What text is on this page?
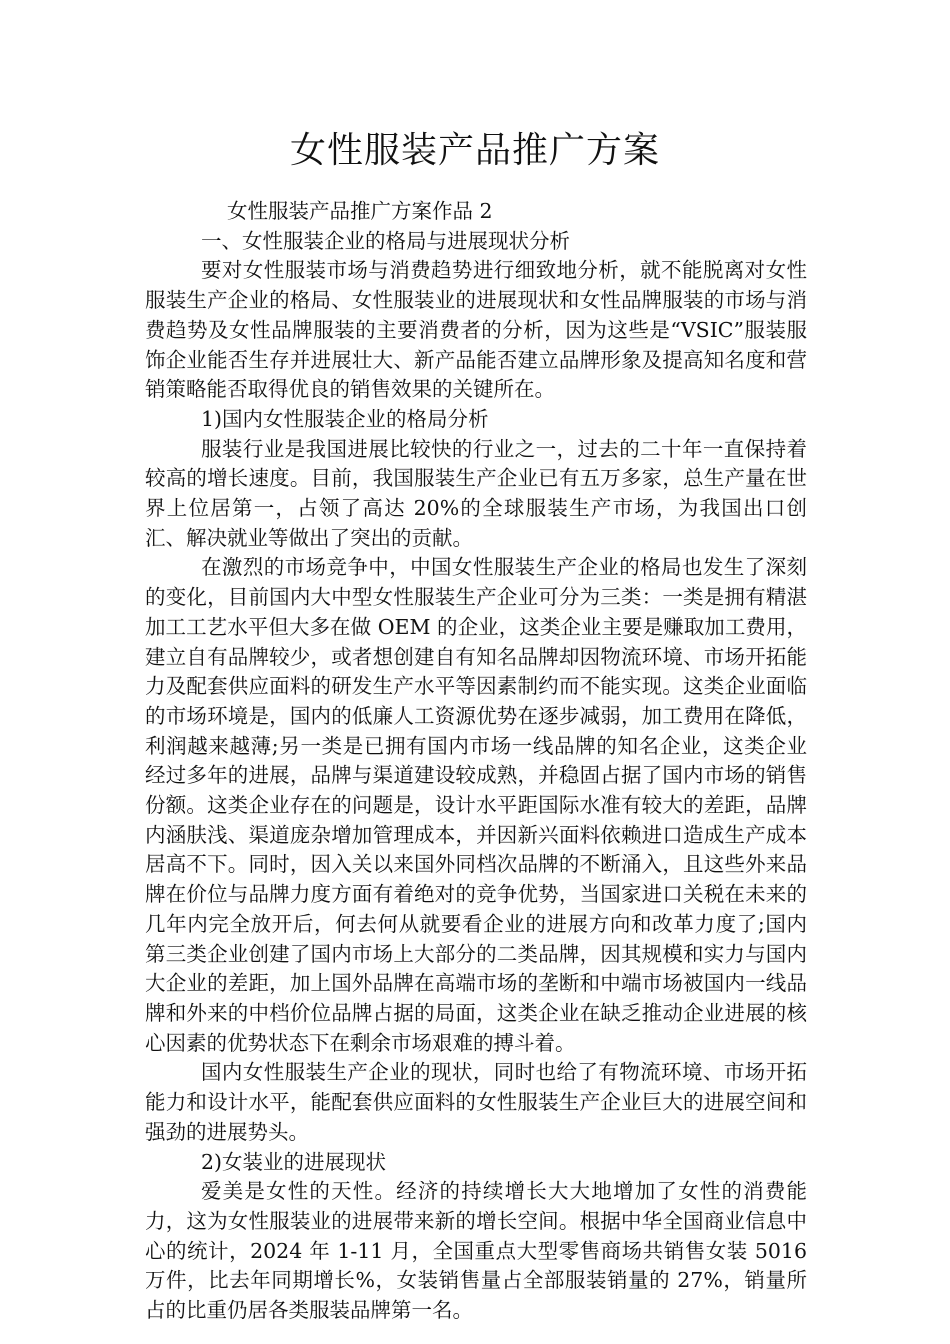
女性服装产品推广方案

女性服装产品推广方案作品 2

一、女性服装企业的格局与进展现状分析

要对女性服装市场与消费趋势进行细致地分析，就不能脱离对女性服装生产企业的格局、女性服装业的进展现状和女性品牌服装的市场与消费趋势及女性品牌服装的主要消费者的分析，因为这些是“VSIC”服装服饰企业能否生存并进展壮大、新产品能否建立品牌形象及提高知名度和营销策略能否取得优良的销售效果的关键所在。

1)国内女性服装企业的格局分析

服装行业是我国进展比较快的行业之一，过去的二十年一直保持着较高的增长速度。目前，我国服装生产企业已有五万多家，总生产量在世界上位居第一，占领了高达 20%的全球服装生产市场，为我国出口创汇、解决就业等做出了突出的贡献。

在激烈的市场竞争中，中国女性服装生产企业的格局也发生了深刻的变化，目前国内大中型女性服装生产企业可分为三类：一类是拥有精湛加工工艺水平但大多在做 OEM 的企业，这类企业主要是赚取加工费用，建立自有品牌较少，或者想创建自有知名品牌却因物流环境、市场开拓能力及配套供应面料的研发生产水平等因素制约而不能实现。这类企业面临的市场环境是，国内的低廉人工资源优势在逐步减弱，加工费用在降低，利润越来越薄;另一类是已拥有国内市场一线品牌的知名企业，这类企业经过多年的进展，品牌与渠道建设较成熟，并稳固占据了国内市场的销售份额。这类企业存在的问题是，设计水平距国际水准有较大的差距，品牌内涵肤浅、渠道庞杂增加管理成本，并因新兴面料依赖进口造成生产成本居高不下。同时，因入关以来国外同档次品牌的不断涌入，且这些外来品牌在价位与品牌力度方面有着绝对的竞争优势，当国家进口关税在未来的几年内完全放开后，何去何从就要看企业的进展方向和改革力度了;国内第三类企业创建了国内市场上大部分的二类品牌，因其规模和实力与国内大企业的差距，加上国外品牌在高端市场的垄断和中端市场被国内一线品牌和外来的中档价位品牌占据的局面，这类企业在缺乏推动企业进展的核心因素的优势状态下在剩余市场艰难的搏斗着。

国内女性服装生产企业的现状，同时也给了有物流环境、市场开拓能力和设计水平，能配套供应面料的女性服装生产企业巨大的进展空间和强劲的进展势头。

2)女装业的进展现状

爱美是女性的天性。经济的持续增长大大地增加了女性的消费能力，这为女性服装业的进展带来新的增长空间。根据中华全国商业信息中心的统计，2024 年 1-11 月，全国重点大型零售商场共销售女装 5016 万件，比去年同期增长%，女装销售量占全部服装销量的 27%，销量所占的比重仍居各类服装品牌第一名。
